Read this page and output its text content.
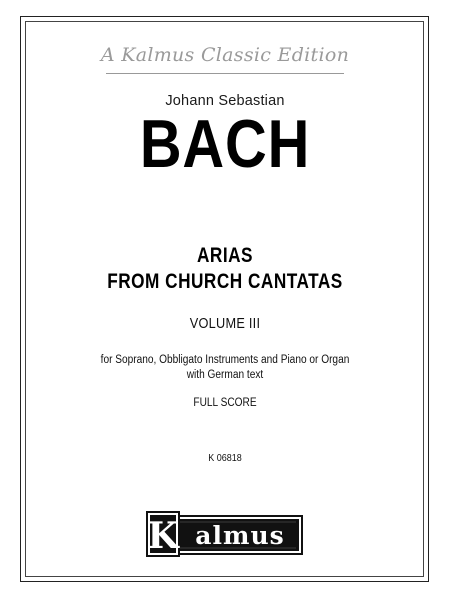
A Kalmus Classic Edition
Johann Sebastian
BACH
ARIAS
FROM CHURCH CANTATAS
VOLUME III
for Soprano, Obbligato Instruments and Piano or Organ
with German text
FULL SCORE
K 06818
K almus
